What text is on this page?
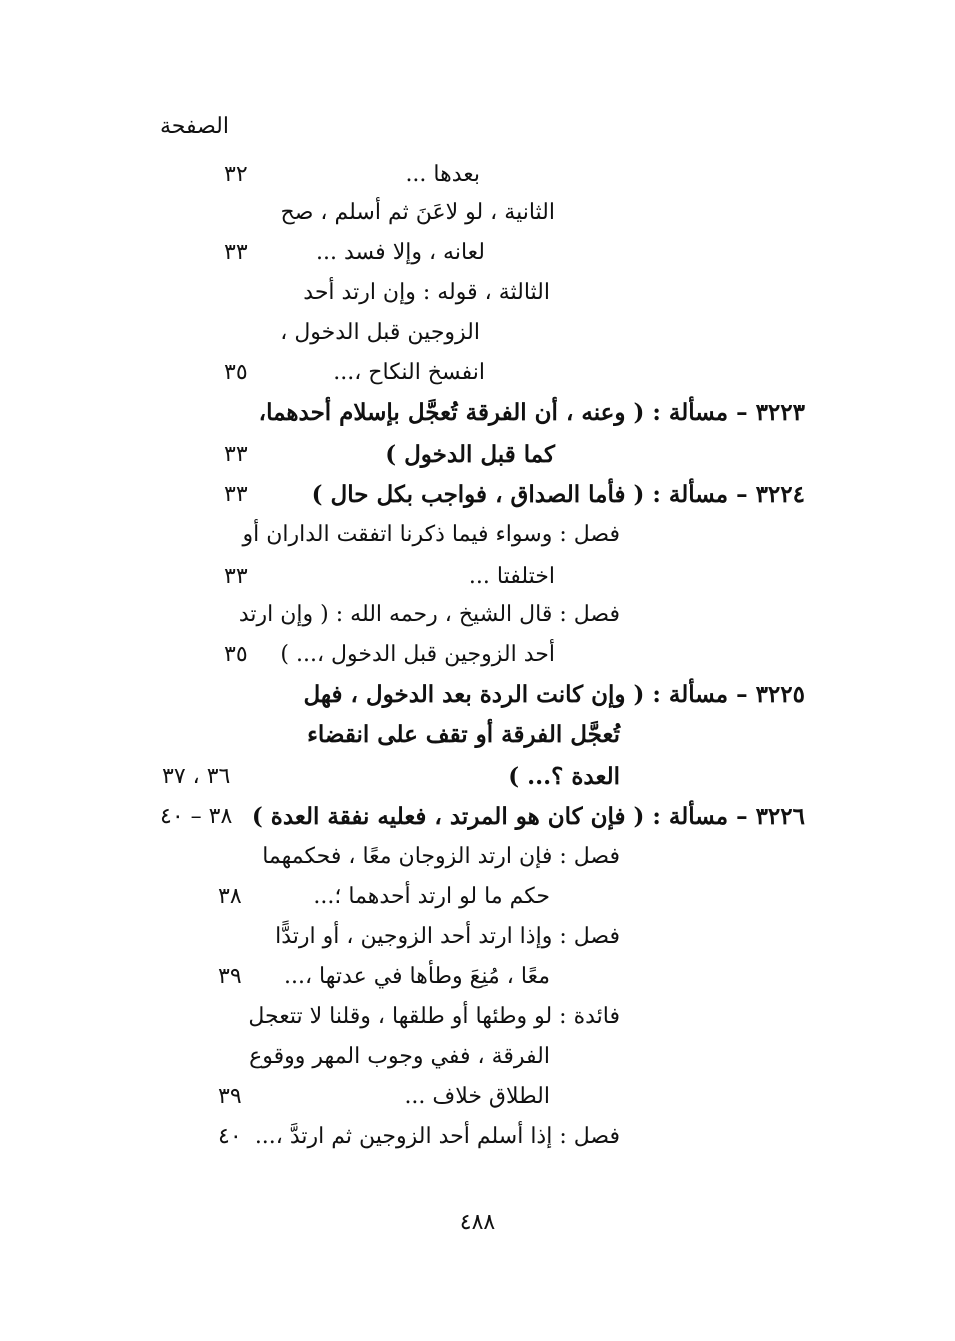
الصفحة
بعدها ...
٣٢
الثانية ، لو لاعَنَ ثم أسلم ، صح
لعانه ، وإلا فسد ...
٣٣
الثالثة ، قوله : وإن ارتد أحد
الزوجين قبل الدخول ،
انفسخ النكاح ،...
٣٥
٣٢٢٣ – مسألة : ( وعنه ، أن الفرقة تُعجَّل بإسلام أحدهما،
كما قبل الدخول )
٣٣
٣٢٢٤ – مسألة : ( فأما الصداق ، فواجب بكل حال )
٣٣
فصل : وسواء فيما ذكرنا اتفقت الداران أو
اختلفتا ...
٣٣
فصل : قال الشيخ ، رحمه الله : ( وإن ارتد
أحد الزوجين قبل الدخول ،... )
٣٥
٣٢٢٥ – مسألة : ( وإن كانت الردة بعد الدخول ، فهل
تُعجَّل الفرقة أو تقف على انقضاء
العدة ؟... )
٣٦ ، ٣٧
٣٢٢٦ – مسألة : ( فإن كان هو المرتد ، فعليه نفقة العدة )
٣٨ – ٤٠
فصل : فإن ارتد الزوجان معًا ، فحكمهما
حكم ما لو ارتد أحدهما ؛...
٣٨
فصل : وإذا ارتد أحد الزوجين ، أو ارتدًّا
معًا ، مُنِعَ وطأها في عدتها ،...
٣٩
فائدة : لو وطئها أو طلقها ، وقلنا لا تتعجل
الفرقة ، ففي وجوب المهر ووقوع
الطلاق خلاف ...
٣٩
فصل : إذا أسلم أحد الزوجين ثم ارتدَّ ،...
٤٠
٤٨٨
